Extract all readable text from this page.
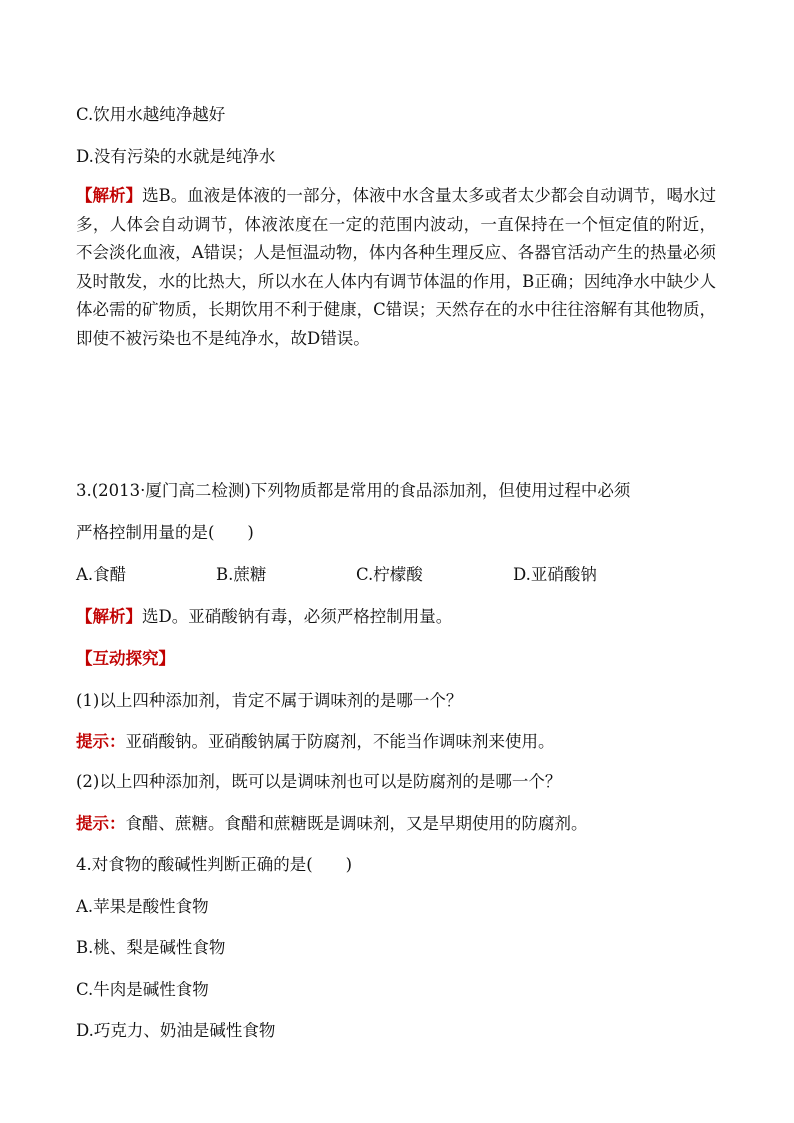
C.饮用水越纯净越好
D.没有污染的水就是纯净水
【解析】选B。血液是体液的一部分，体液中水含量太多或者太少都会自动调节，喝水过多，人体会自动调节，体液浓度在一定的范围内波动，一直保持在一个恒定值的附近，不会淡化血液，A错误；人是恒温动物，体内各种生理反应、各器官活动产生的热量必须及时散发，水的比热大，所以水在人体内有调节体温的作用，B正确；因纯净水中缺少人体必需的矿物质，长期饮用不利于健康，C错误；天然存在的水中往往溶解有其他物质，即使不被污染也不是纯净水，故D错误。
3.(2013·厦门高二检测)下列物质都是常用的食品添加剂，但使用过程中必须
严格控制用量的是(　　)
A.食醋	B.蔗糖	C.柠檬酸	D.亚硝酸钠
【解析】选D。亚硝酸钠有毒，必须严格控制用量。
【互动探究】
(1)以上四种添加剂，肯定不属于调味剂的是哪一个？
提示：亚硝酸钠。亚硝酸钠属于防腐剂，不能当作调味剂来使用。
(2)以上四种添加剂，既可以是调味剂也可以是防腐剂的是哪一个？
提示：食醋、蔗糖。食醋和蔗糖既是调味剂，又是早期使用的防腐剂。
4.对食物的酸碱性判断正确的是(　　)
A.苹果是酸性食物
B.桃、梨是碱性食物
C.牛肉是碱性食物
D.巧克力、奶油是碱性食物
